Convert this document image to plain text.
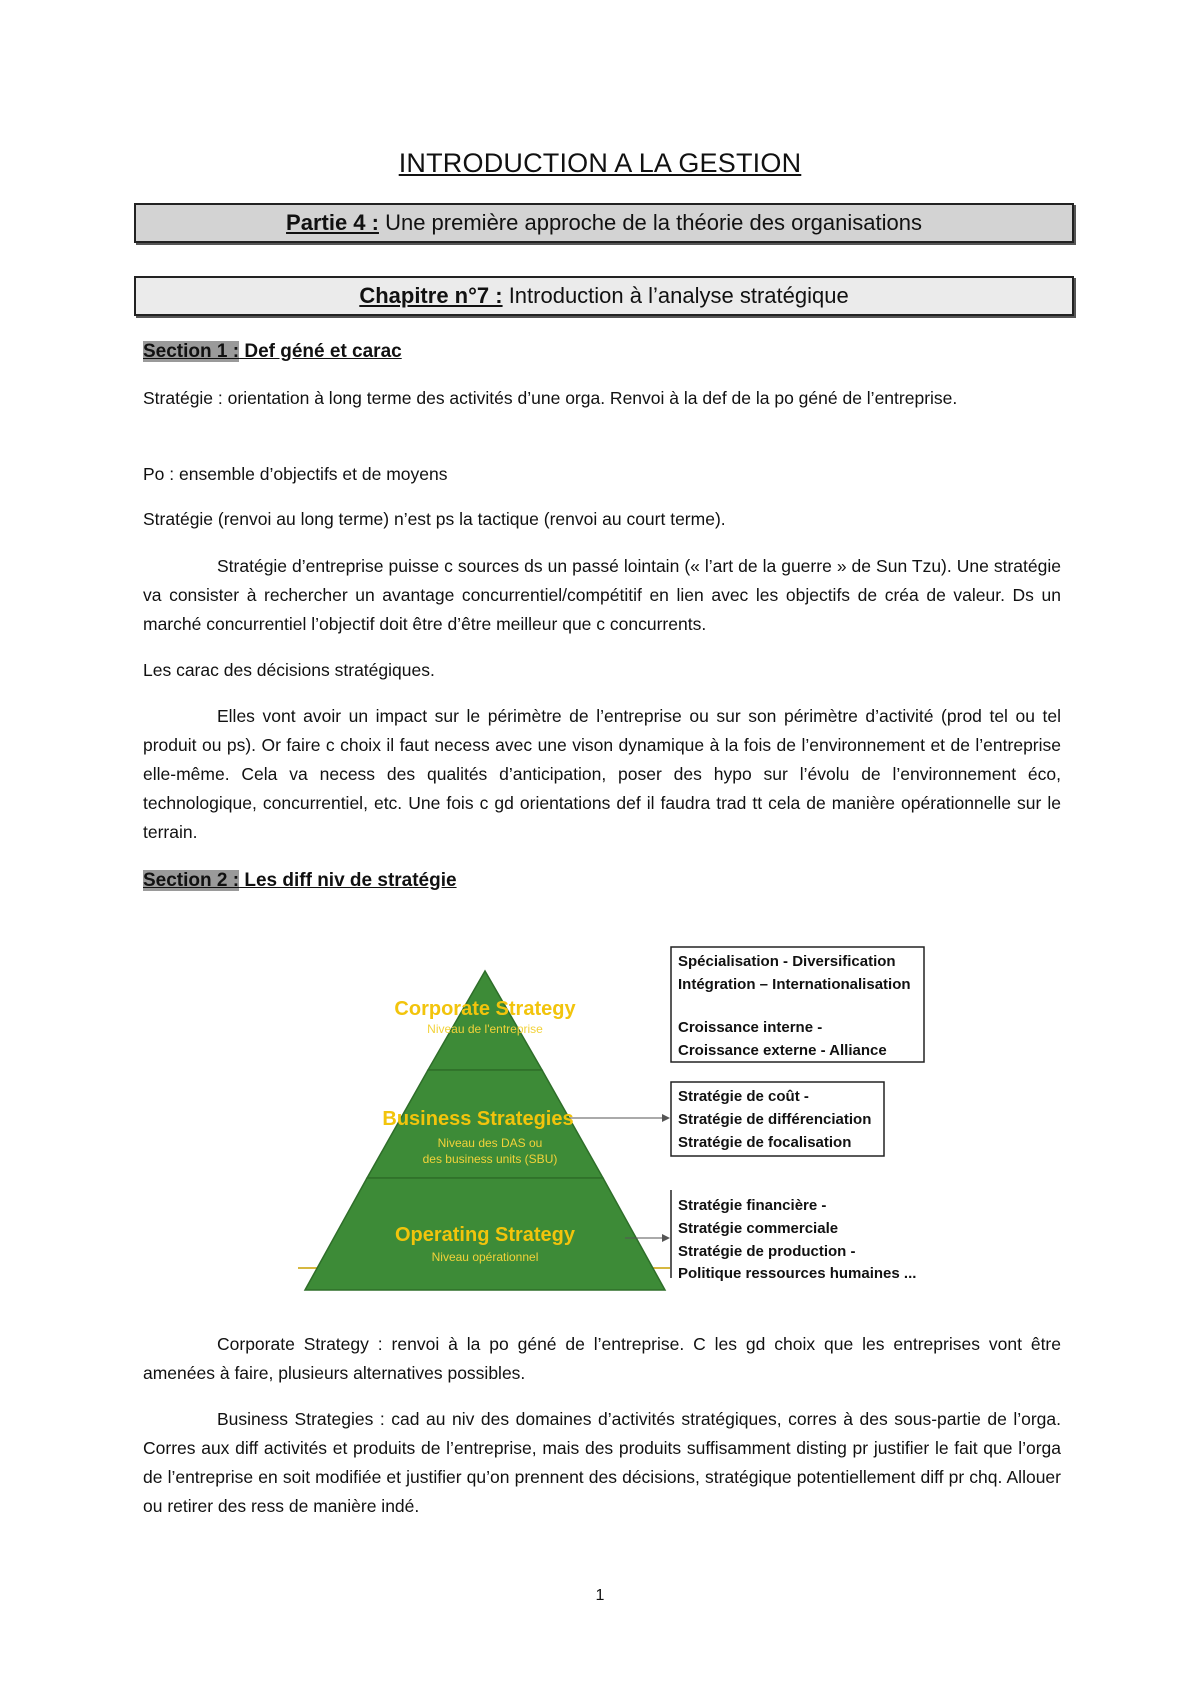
INTRODUCTION A LA GESTION
Partie 4 : Une première approche de la théorie des organisations
Chapitre n°7 : Introduction à l’analyse stratégique
Section 1 : Def géné et carac

Stratégie : orientation à long terme des activités d’une orga. Renvoi à la def de la po géné de l’entreprise.

Po : ensemble d’objectifs et de moyens

Stratégie (renvoi au long terme) n’est ps la tactique (renvoi au court terme).

Stratégie d’entreprise puisse c sources ds un passé lointain (« l’art de la guerre » de Sun Tzu). Une stratégie va consister à rechercher un avantage concurrentiel/compétitif en lien avec les objectifs de créa de valeur. Ds un marché concurrentiel l’objectif doit être d’être meilleur que c concurrents.

Les carac des décisions stratégiques.

Elles vont avoir un impact sur le périmètre de l’entreprise ou sur son périmètre d’activité (prod tel ou tel produit ou ps). Or faire c choix il faut necess avec une vison dynamique à la fois de l’environnement et de l’entreprise elle-même. Cela va necess des qualités d’anticipation, poser des hypo sur l’évolu de l’environnement éco, technologique, concurrentiel, etc. Une fois c gd orientations def il faudra trad tt cela de manière opérationnelle sur le terrain.

Section 2 : Les diff niv de stratégie
Corporate Strategy
Niveau de l'entreprise
Business Strategies
Niveau des DAS ou
des business units (SBU)
Operating Strategy
Niveau opérationnel
Spécialisation - Diversification
Intégration – Internationalisation
Croissance interne -
Croissance externe - Alliance
Stratégie de coût -
Stratégie de différenciation
Stratégie de focalisation
Stratégie financière -
Stratégie commerciale
Stratégie de production -
Politique ressources humaines ...

Corporate Strategy : renvoi à la po géné de l’entreprise. C les gd choix que les entreprises vont être amenées à faire, plusieurs alternatives possibles.

Business Strategies : cad au niv des domaines d’activités stratégiques, corres à des sous-partie de l’orga. Corres aux diff activités et produits de l’entreprise, mais des produits suffisamment disting pr justifier le fait que l’orga de l’entreprise en soit modifiée et justifier qu’on prennent des décisions, stratégique potentiellement diff pr chq. Allouer ou retirer des ress de manière indé.

1
